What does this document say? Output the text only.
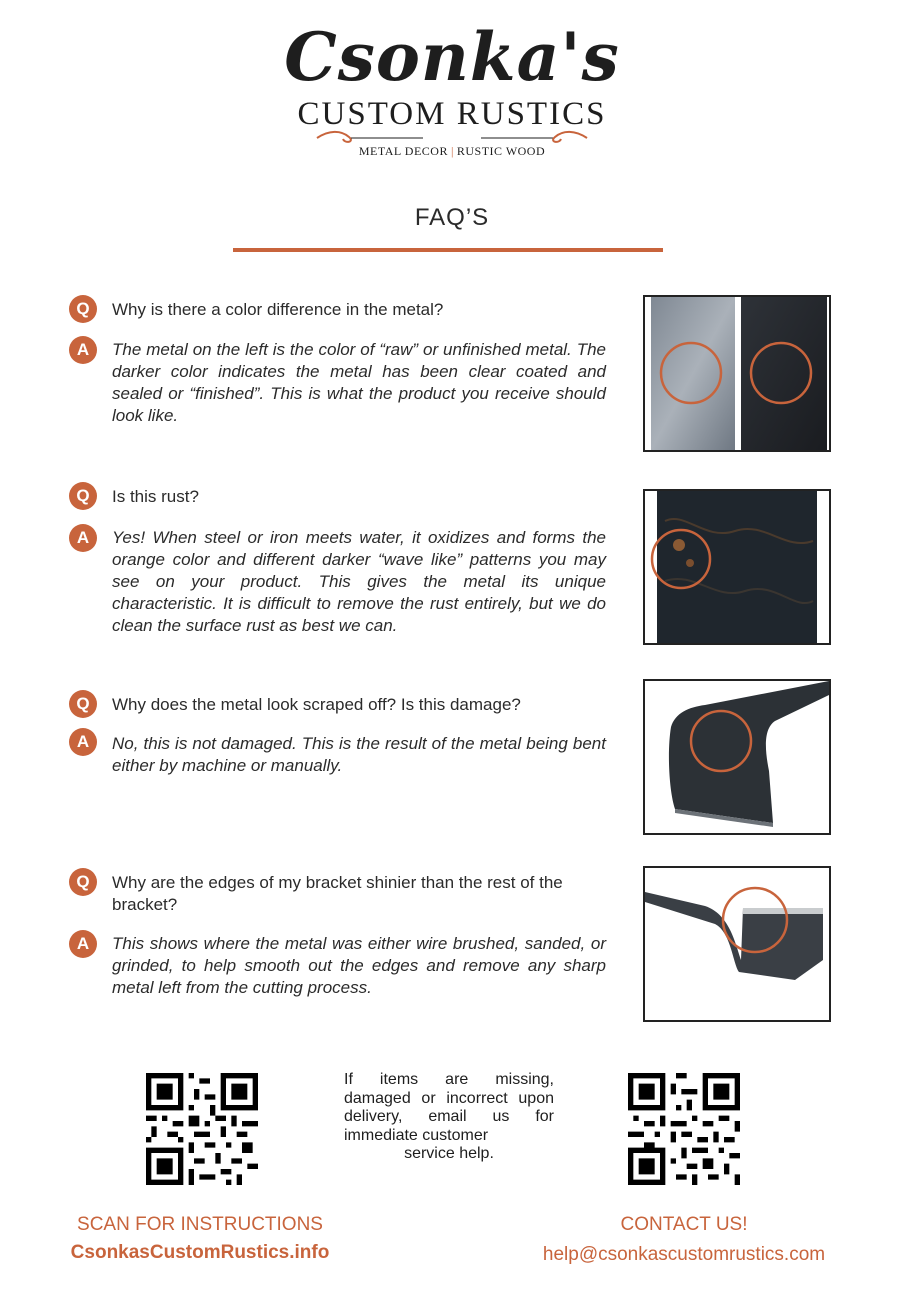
Csonka's
CUSTOM RUSTICS
METAL DECOR | RUSTIC WOOD
FAQ’S
Q	Why is there a color difference in the metal?
A	The metal on the left is the color of “raw” or unfinished metal. The darker color indicates the metal has been clear coated and sealed or “finished”. This is what the product you receive should look like.
Q	Is this rust?
A	Yes! When steel or iron meets water, it oxidizes and forms the orange color and different darker “wave like” patterns you may see on your product. This gives the metal its unique characteristic. It is difficult to remove the rust entirely, but we do clean the surface rust as best we can.
Q	Why does the metal look scraped off? Is this damage?
A	No, this is not damaged. This is the result of the metal being bent either by machine or manually.
Q	Why are the edges of my bracket shinier than the rest of the bracket?
A	This shows where the metal was either wire brushed, sanded, or grinded, to help smooth out the edges and remove any sharp metal left from the cutting process.
If items are missing, damaged or incorrect upon delivery, email us for immediate customer
service help.
SCAN FOR INSTRUCTIONS
CsonkasCustomRustics.info
CONTACT US!
help@csonkascustomrustics.com
